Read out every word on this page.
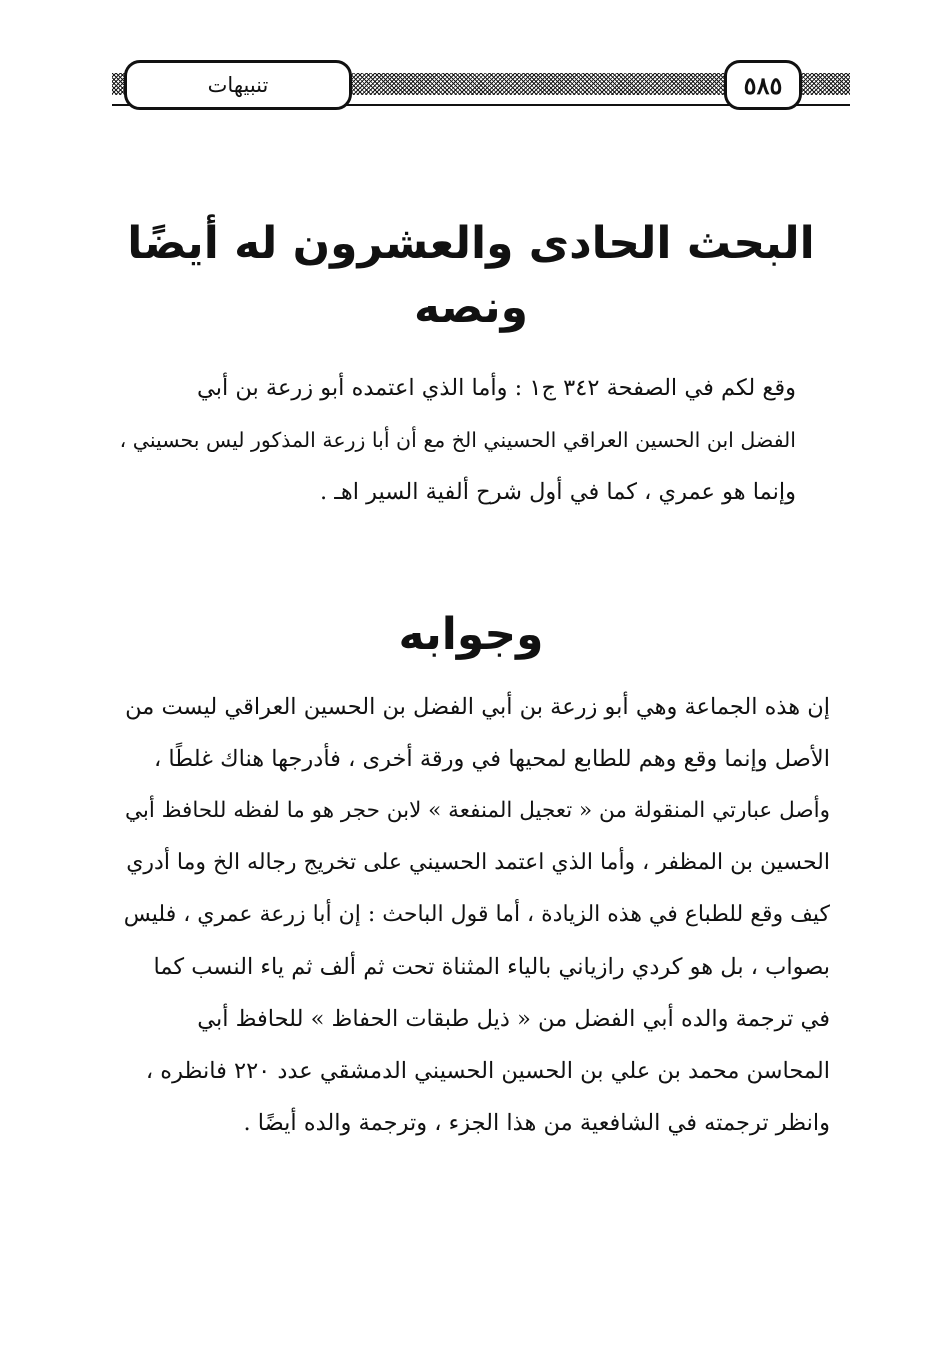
٥٨٥
تنبيهات
البحث الحادى والعشرون له أيضًا ونصه

وقع لكم في الصفحة ٣٤٢ ج١ : وأما الذي اعتمده أبو زرعة بن أبي
الفضل ابن الحسين العراقي الحسيني الخ مع أن أبا زرعة المذكور ليس بحسيني ،
وإنما هو عمري ، كما في أول شرح ألفية السير اهـ .

وجوابه

إن هذه الجماعة وهي أبو زرعة بن أبي الفضل بن الحسين العراقي ليست من
الأصل وإنما وقع وهم للطابع لمحيها في ورقة أخرى ، فأدرجها هناك غلطًا ،
وأصل عبارتي المنقولة من « تعجيل المنفعة » لابن حجر هو ما لفظه للحافظ أبي
الحسين بن المظفر ، وأما الذي اعتمد الحسيني على تخريج رجاله الخ وما أدري
كيف وقع للطباع في هذه الزيادة ، أما قول الباحث : إن أبا زرعة عمري ، فليس
بصواب ، بل هو كردي رازياني بالياء المثناة تحت ثم ألف ثم ياء النسب كما
في ترجمة والده أبي الفضل من « ذيل طبقات الحفاظ » للحافظ أبي
المحاسن محمد بن علي بن الحسين الحسيني الدمشقي عدد ٢٢٠ فانظره ،
وانظر ترجمته في الشافعية من هذا الجزء ، وترجمة والده أيضًا .
